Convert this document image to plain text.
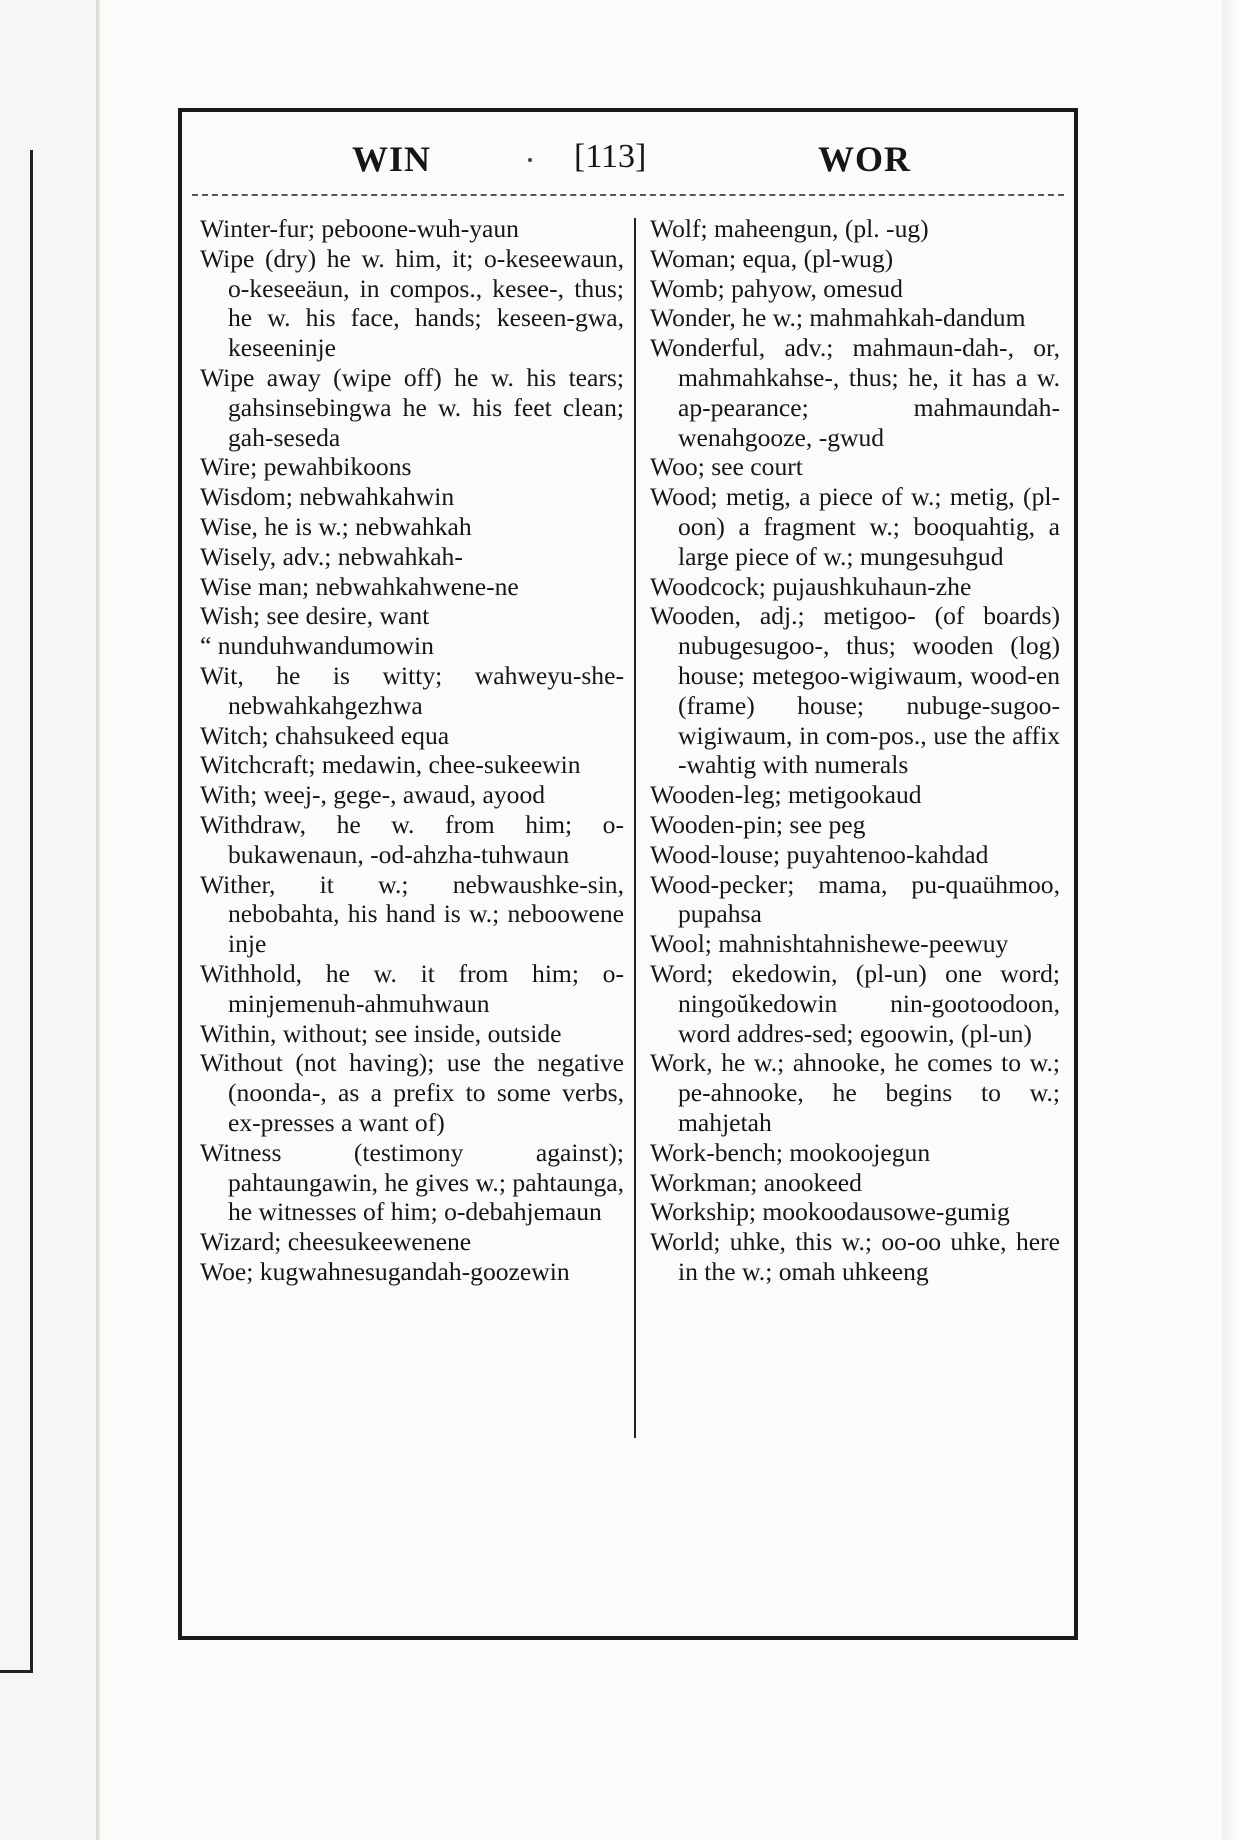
WIN	[113]	WOR
Winter-fur; peboone-wuh-yaun
Wipe (dry) he w. him, it; o-keseewaun, o-keseeäun, in compos., kesee-, thus; he w. his face, hands; keseen-gwa, keseeninje
Wipe away (wipe off) he w. his tears; gahsinsebingwa he w. his feet clean; gah-seseda
Wire; pewahbikoons
Wisdom; nebwahkahwin
Wise, he is w.; nebwahkah
Wisely, adv.; nebwahkah-
Wise man; nebwahkahwene-ne
Wish; see desire, want
“ nunduhwandumowin
Wit, he is witty; wahweyu-she-nebwahkahgezhwa
Witch; chahsukeed equa
Witchcraft; medawin, chee-sukeewin
With; weej-, gege-, awaud, ayood
Withdraw, he w. from him; o-bukawenaun, -od-ahzha-tuhwaun
Wither, it w.; nebwaushke-sin, nebobahta, his hand is w.; neboowene inje
Withhold, he w. it from him; o-minjemenuh-ahmuhwaun
Within, without; see inside, outside
Without (not having); use the negative (noonda-, as a prefix to some verbs, ex-presses a want of)
Witness (testimony against); pahtaungawin, he gives w.; pahtaunga, he witnesses of him; o-debahjemaun
Wizard; cheesukeewenene
Woe; kugwahnesugandah-goozewin
Wolf; maheengun, (pl. -ug)
Woman; equa, (pl-wug)
Womb; pahyow, omesud
Wonder, he w.; mahmahkah-dandum
Wonderful, adv.; mahmaun-dah-, or, mahmahkahse-, thus; he, it has a w. ap-pearance; mahmaundah-wenahgooze, -gwud
Woo; see court
Wood; metig, a piece of w.; metig, (pl-oon) a fragment w.; booquahtig, a large piece of w.; mungesuhgud
Woodcock; pujaushkuhaun-zhe
Wooden, adj.; metigoo- (of boards) nubugesugoo-, thus; wooden (log) house; metegoo-wigiwaum, wood-en (frame) house; nubuge-sugoo-wigiwaum, in com-pos., use the affix -wahtig with numerals
Wooden-leg; metigookaud
Wooden-pin; see peg
Wood-louse; puyahtenoo-kahdad
Wood-pecker; mama, pu-quaühmoo, pupahsa
Wool; mahnishtahnishewe-peewuy
Word; ekedowin, (pl-un) one word; ningoŭkedowin nin-gootoodoon, word addres-sed; egoowin, (pl-un)
Work, he w.; ahnooke, he comes to w.; pe-ahnooke, he begins to w.; mahjetah
Work-bench; mookoojegun
Workman; anookeed
Workship; mookoodausowe-gumig
World; uhke, this w.; oo-oo uhke, here in the w.; omah uhkeeng
